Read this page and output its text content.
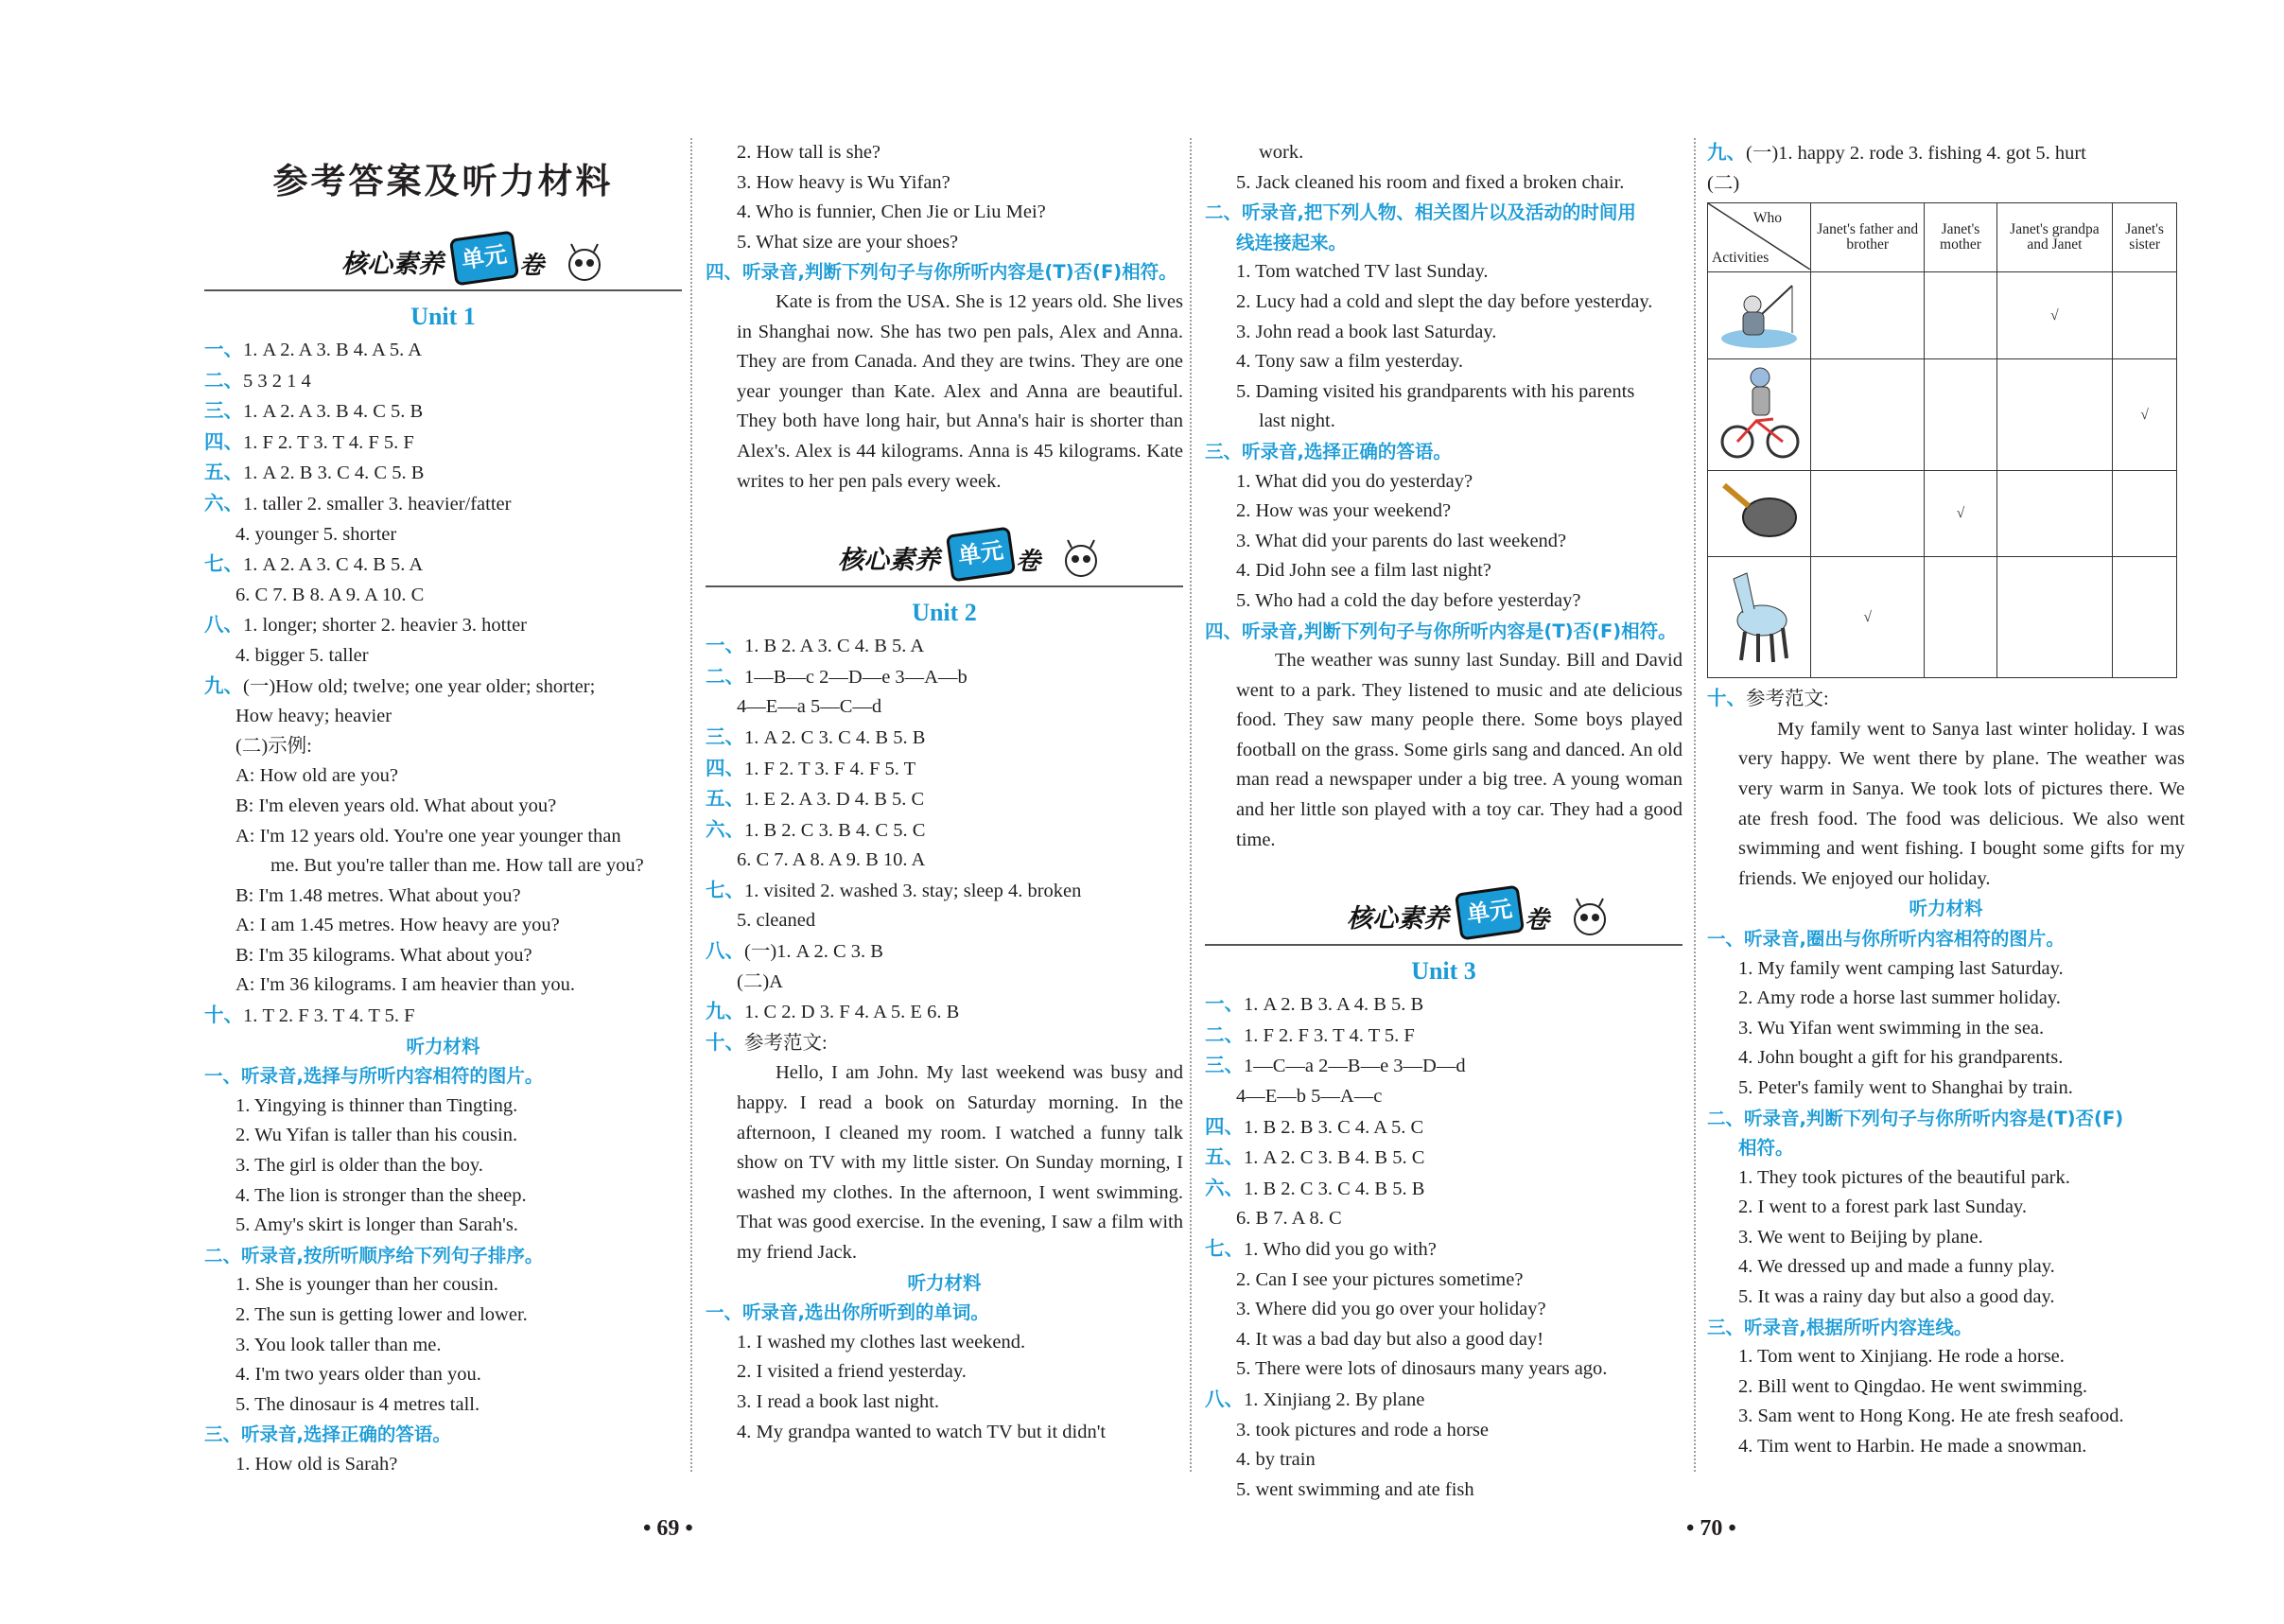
参考答案及听力材料
核心素养 单元 卷
Unit 1
一、1. A 2. A 3. B 4. A 5. A
二、5 3 2 1 4
三、1. A 2. A 3. B 4. C 5. B
四、1. F 2. T 3. T 4. F 5. F
五、1. A 2. B 3. C 4. C 5. B
六、1. taller 2. smaller 3. heavier/fatter
4. younger 5. shorter
七、1. A 2. A 3. C 4. B 5. A
6. C 7. B 8. A 9. A 10. C
八、1. longer; shorter 2. heavier 3. hotter
4. bigger 5. taller
九、(一)How old; twelve; one year older; shorter;
How heavy; heavier
(二)示例:
A: How old are you?
B: I'm eleven years old. What about you?
A: I'm 12 years old. You're one year younger than
me. But you're taller than me. How tall are you?
B: I'm 1.48 metres. What about you?
A: I am 1.45 metres. How heavy are you?
B: I'm 35 kilograms. What about you?
A: I'm 36 kilograms. I am heavier than you.
十、1. T 2. F 3. T 4. T 5. F
听力材料
一、听录音,选择与所听内容相符的图片。
1. Yingying is thinner than Tingting.
2. Wu Yifan is taller than his cousin.
3. The girl is older than the boy.
4. The lion is stronger than the sheep.
5. Amy's skirt is longer than Sarah's.
二、听录音,按所听顺序给下列句子排序。
1. She is younger than her cousin.
2. The sun is getting lower and lower.
3. You look taller than me.
4. I'm two years older than you.
5. The dinosaur is 4 metres tall.
三、听录音,选择正确的答语。
1. How old is Sarah?
2. How tall is she?
3. How heavy is Wu Yifan?
4. Who is funnier, Chen Jie or Liu Mei?
5. What size are your shoes?
四、听录音,判断下列句子与你所听内容是(T)否(F)相符。
Kate is from the USA. She is 12 years old. She lives in Shanghai now. She has two pen pals, Alex and Anna. They are from Canada. And they are twins. They are one year younger than Kate. Alex and Anna are beautiful. They both have long hair, but Anna's hair is shorter than Alex's. Alex is 44 kilograms. Anna is 45 kilograms. Kate writes to her pen pals every week.
核心素养 单元 卷
Unit 2
一、1. B 2. A 3. C 4. B 5. A
二、1—B—c 2—D—e 3—A—b
4—E—a 5—C—d
三、1. A 2. C 3. C 4. B 5. B
四、1. F 2. T 3. F 4. F 5. T
五、1. E 2. A 3. D 4. B 5. C
六、1. B 2. C 3. B 4. C 5. C
6. C 7. A 8. A 9. B 10. A
七、1. visited 2. washed 3. stay; sleep 4. broken
5. cleaned
八、(一)1. A 2. C 3. B
(二)A
九、1. C 2. D 3. F 4. A 5. E 6. B
十、参考范文:
Hello, I am John. My last weekend was busy and happy. I read a book on Saturday morning. In the afternoon, I cleaned my room. I watched a funny talk show on TV with my little sister. On Sunday morning, I washed my clothes. In the afternoon, I went swimming. That was good exercise. In the evening, I saw a film with my friend Jack.
听力材料
一、听录音,选出你所听到的单词。
1. I washed my clothes last weekend.
2. I visited a friend yesterday.
3. I read a book last night.
4. My grandpa wanted to watch TV but it didn't
work.
5. Jack cleaned his room and fixed a broken chair.
二、听录音,把下列人物、相关图片以及活动的时间用
线连接起来。
1. Tom watched TV last Sunday.
2. Lucy had a cold and slept the day before yesterday.
3. John read a book last Saturday.
4. Tony saw a film yesterday.
5. Daming visited his grandparents with his parents
last night.
三、听录音,选择正确的答语。
1. What did you do yesterday?
2. How was your weekend?
3. What did your parents do last weekend?
4. Did John see a film last night?
5. Who had a cold the day before yesterday?
四、听录音,判断下列句子与你所听内容是(T)否(F)相符。
The weather was sunny last Sunday. Bill and David went to a park. They listened to music and ate delicious food. They saw many people there. Some boys played football on the grass. Some girls sang and danced. An old man read a newspaper under a big tree. A young woman and her little son played with a toy car. They had a good time.
核心素养 单元 卷
Unit 3
一、1. A 2. B 3. A 4. B 5. B
二、1. F 2. F 3. T 4. T 5. F
三、1—C—a 2—B—e 3—D—d
4—E—b 5—A—c
四、1. B 2. B 3. C 4. A 5. C
五、1. A 2. C 3. B 4. B 5. C
六、1. B 2. C 3. C 4. B 5. B
6. B 7. A 8. C
七、1. Who did you go with?
2. Can I see your pictures sometime?
3. Where did you go over your holiday?
4. It was a bad day but also a good day!
5. There were lots of dinosaurs many years ago.
八、1. Xinjiang 2. By plane
3. took pictures and rode a horse
4. by train
5. went swimming and ate fish
九、(一)1. happy 2. rode 3. fishing 4. got 5. hurt
(二)
Who
Activities	Janet's father and brother	Janet's mother	Janet's grandpa and Janet	Janet's sister
			√	
				√
		√		
	√			
十、参考范文:
My family went to Sanya last winter holiday. I was very happy. We went there by plane. The weather was very warm in Sanya. We took lots of pictures there. We ate fresh food. The food was delicious. We also went swimming and went fishing. I bought some gifts for my friends. We enjoyed our holiday.
听力材料
一、听录音,圈出与你所听内容相符的图片。
1. My family went camping last Saturday.
2. Amy rode a horse last summer holiday.
3. Wu Yifan went swimming in the sea.
4. John bought a gift for his grandparents.
5. Peter's family went to Shanghai by train.
二、听录音,判断下列句子与你所听内容是(T)否(F)
相符。
1. They took pictures of the beautiful park.
2. I went to a forest park last Sunday.
3. We went to Beijing by plane.
4. We dressed up and made a funny play.
5. It was a rainy day but also a good day.
三、听录音,根据所听内容连线。
1. Tom went to Xinjiang. He rode a horse.
2. Bill went to Qingdao. He went swimming.
3. Sam went to Hong Kong. He ate fresh seafood.
4. Tim went to Harbin. He made a snowman.
• 69 •	• 70 •
